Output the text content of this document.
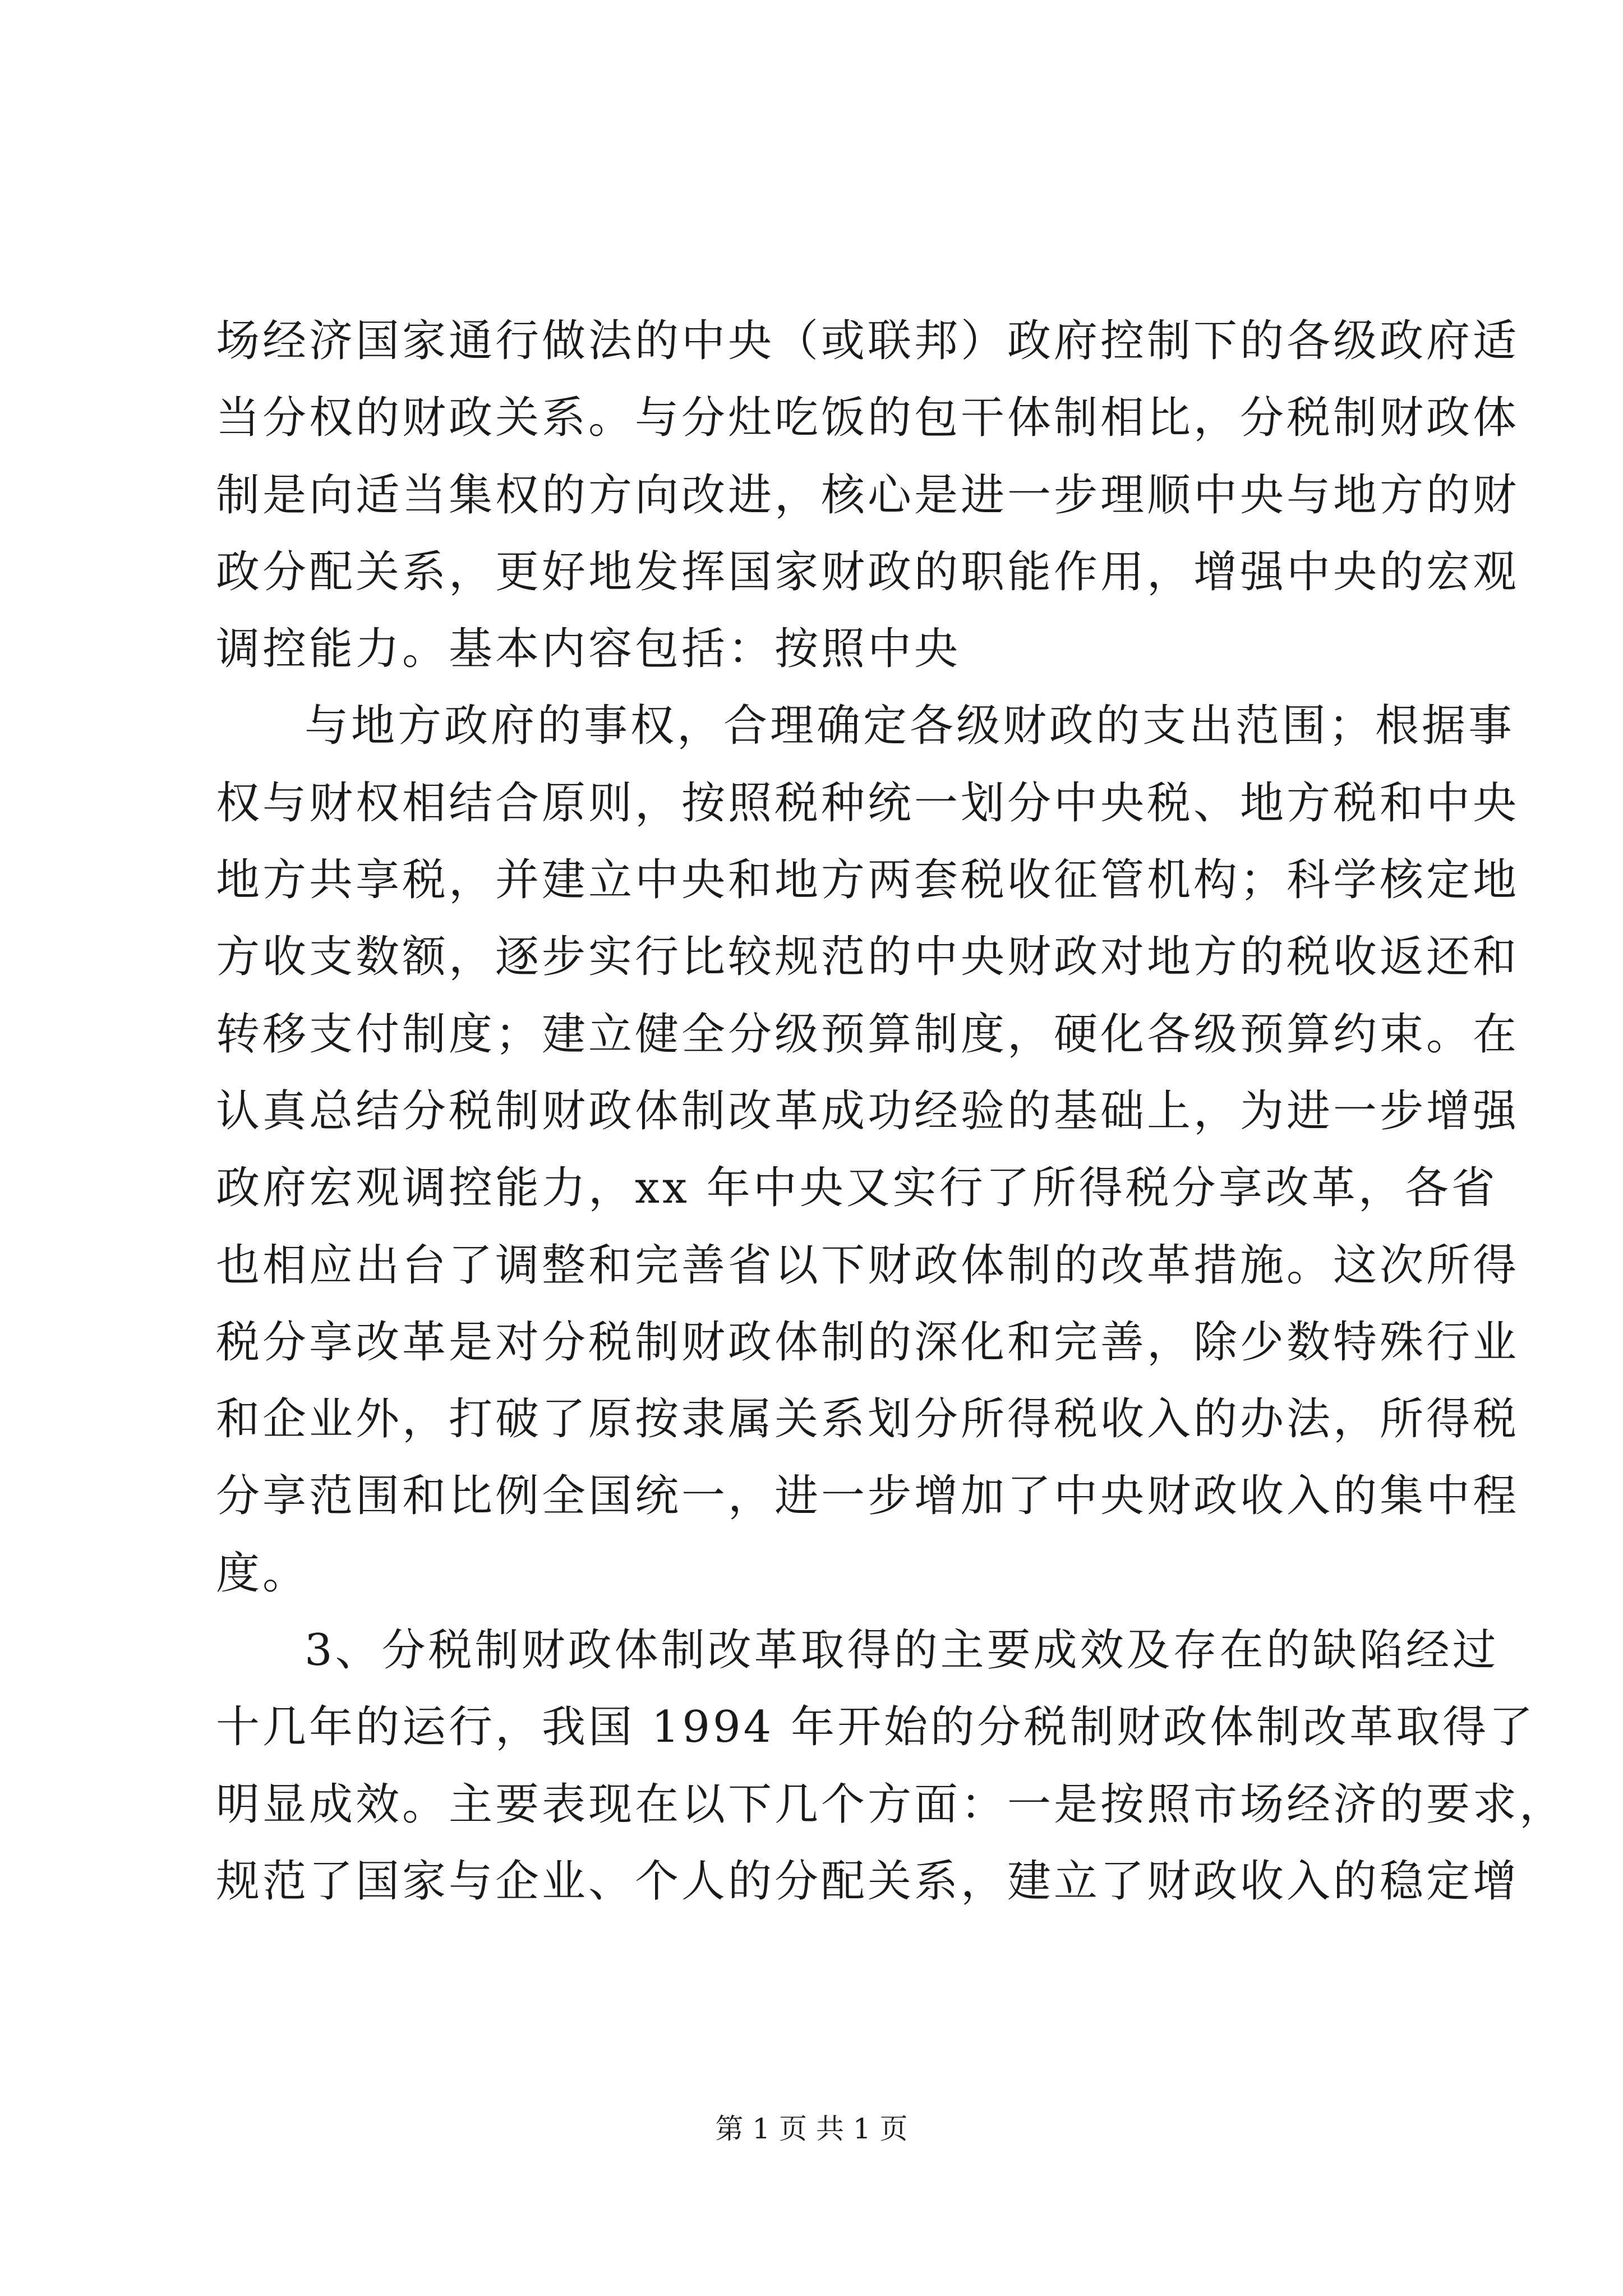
场经济国家通行做法的中央（或联邦）政府控制下的各级政府适
当分权的财政关系。与分灶吃饭的包干体制相比，分税制财政体
制是向适当集权的方向改进，核心是进一步理顺中央与地方的财
政分配关系，更好地发挥国家财政的职能作用，增强中央的宏观
调控能力。基本内容包括：按照中央
与地方政府的事权，合理确定各级财政的支出范围；根据事
权与财权相结合原则，按照税种统一划分中央税、地方税和中央
地方共享税，并建立中央和地方两套税收征管机构；科学核定地
方收支数额，逐步实行比较规范的中央财政对地方的税收返还和
转移支付制度；建立健全分级预算制度，硬化各级预算约束。在
认真总结分税制财政体制改革成功经验的基础上，为进一步增强
政府宏观调控能力，xx 年中央又实行了所得税分享改革，各省
也相应出台了调整和完善省以下财政体制的改革措施。这次所得
税分享改革是对分税制财政体制的深化和完善，除少数特殊行业
和企业外，打破了原按隶属关系划分所得税收入的办法，所得税
分享范围和比例全国统一，进一步增加了中央财政收入的集中程
度。
3、分税制财政体制改革取得的主要成效及存在的缺陷经过
十几年的运行，我国 1994 年开始的分税制财政体制改革取得了
明显成效。主要表现在以下几个方面：一是按照市场经济的要求，
规范了国家与企业、个人的分配关系，建立了财政收入的稳定增
第 1 页 共 1 页
